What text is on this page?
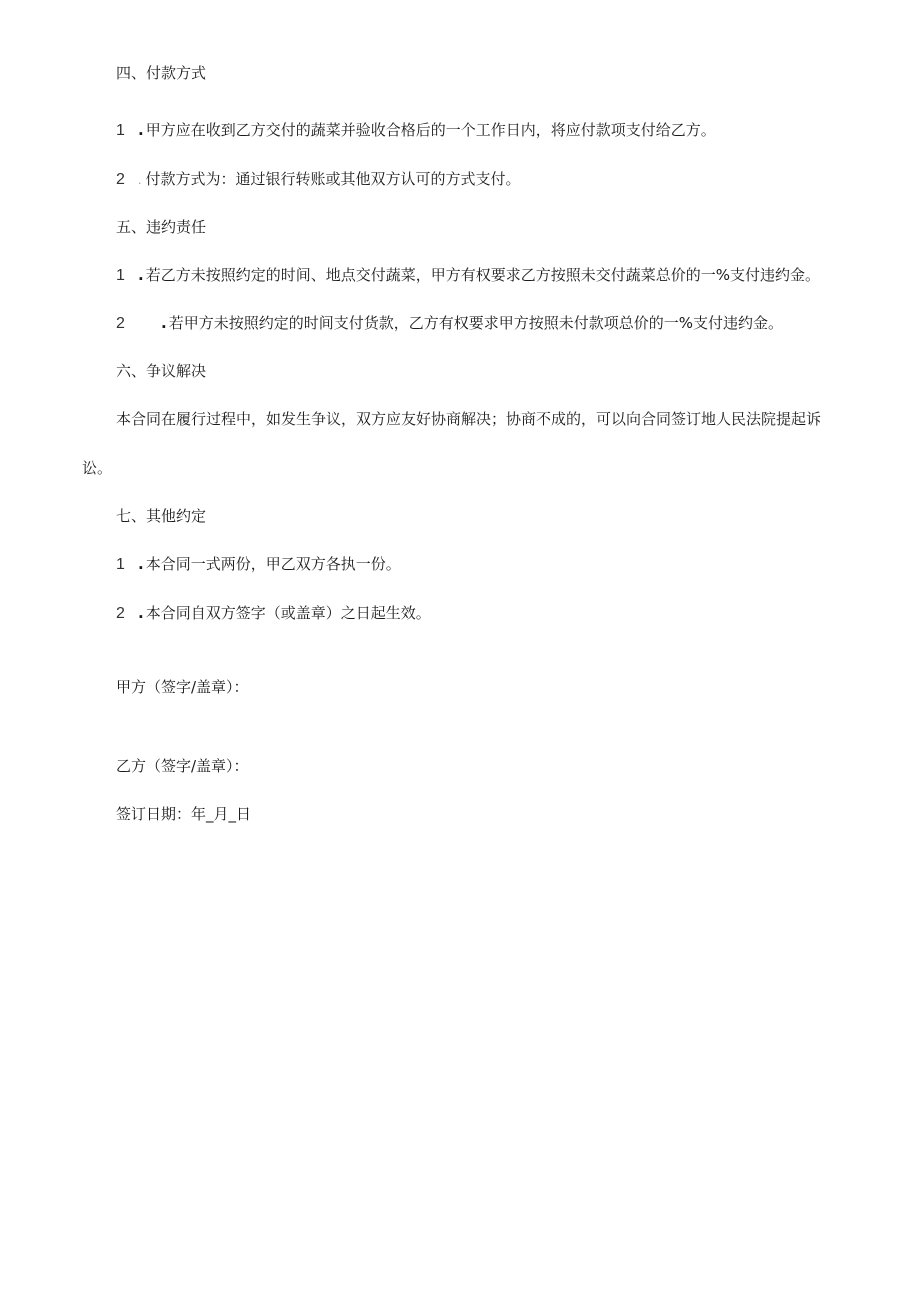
四、付款方式
1 . 甲方应在收到乙方交付的蔬菜并验收合格后的一个工作日内，将应付款项支付给乙方。
2 . 付款方式为：通过银行转账或其他双方认可的方式支付。
五、违约责任
1 . 若乙方未按照约定的时间、地点交付蔬菜，甲方有权要求乙方按照未交付蔬菜总价的一%支付违约金。
2 . 若甲方未按照约定的时间支付货款，乙方有权要求甲方按照未付款项总价的一%支付违约金。
六、争议解决
本合同在履行过程中，如发生争议，双方应友好协商解决；协商不成的，可以向合同签订地人民法院提起诉
讼。
七、其他约定
1 . 本合同一式两份，甲乙双方各执一份。
2 . 本合同自双方签字（或盖章）之日起生效。
甲方（签字/盖章）：
乙方（签字/盖章）：
签订日期：年_月_日
